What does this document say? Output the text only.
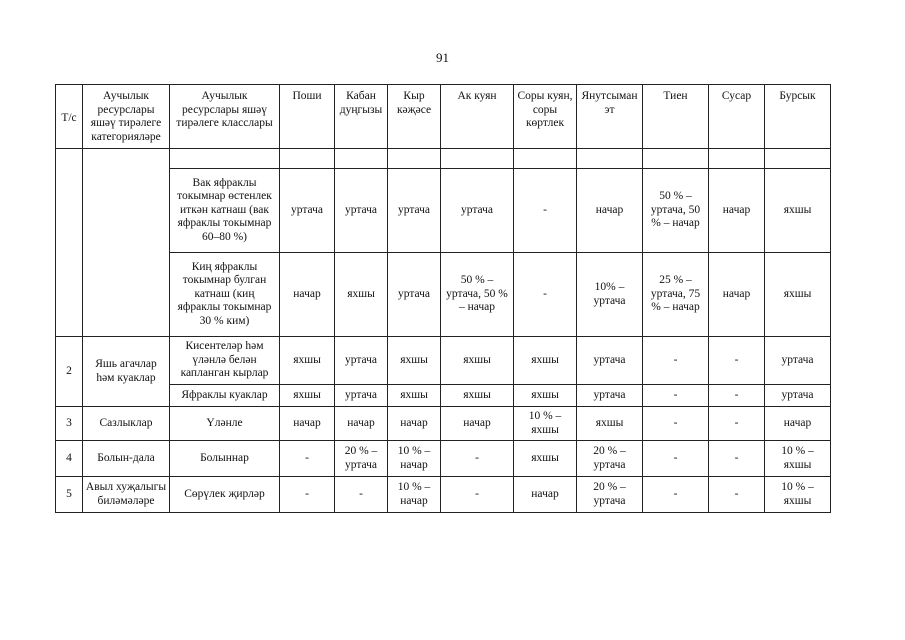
91
Т/с	Аучылык ресурслары яшәү тирәлеге категорияләре	Аучылык ресурслары яшәү тирәлеге класслары	Поши	Кабан дуңгызы	Кыр кәҗәсе	Ак куян	Соры куян, соры көртлек	Янутсыман эт	Тиен	Сусар	Бурсык

		Вак яфраклы токымнар өстенлек иткән катнаш (вак яфраклы токымнар 60–80 %)	уртача	уртача	уртача	уртача	-	начар	50 % – уртача, 50 % – начар	начар	яхшы
		Киң яфраклы токымнар булган катнаш (киң яфраклы токымнар 30 % ким)	начар	яхшы	уртача	50 % – уртача, 50 % – начар	-	10% – уртача	25 % – уртача, 75 % – начар	начар	яхшы
2	Яшь агачлар һәм куаклар	Кисентеләр һәм үләнлә белән капланган кырлар	яхшы	уртача	яхшы	яхшы	яхшы	уртача	-	-	уртача
		Яфраклы куаклар	яхшы	уртача	яхшы	яхшы	яхшы	уртача	-	-	уртача
3	Сазлыклар	Үләнле	начар	начар	начар	начар	10 % – яхшы	яхшы	-	-	начар
4	Болын-дала	Болыннар	-	20 % – уртача	10 % – начар	-	яхшы	20 % – уртача	-	-	10 % – яхшы
5	Авыл хуҗалыгы биләмәләре	Сөрүлек җирләр	-	-	10 % – начар	-	начар	20 % – уртача	-	-	10 % – яхшы
